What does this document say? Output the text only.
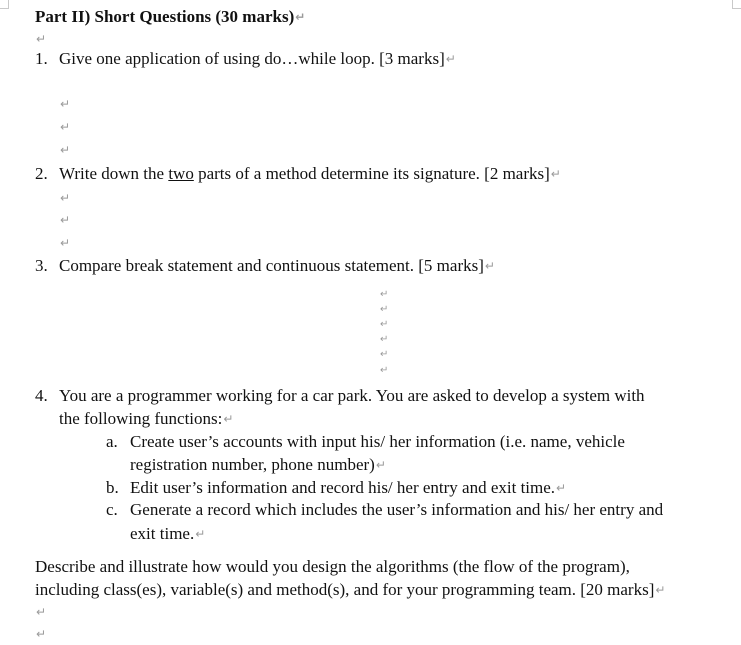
Part II) Short Questions (30 marks)↵
↵
1. Give one application of using do…while loop. [3 marks]↵
↵
↵
↵
2. Write down the two parts of a method determine its signature. [2 marks]↵
↵
↵
↵
3. Compare break statement and continuous statement. [5 marks]↵
↵
↵
↵
↵
↵
↵
4. You are a programmer working for a car park. You are asked to develop a system with
the following functions:↵
a. Create user’s accounts with input his/ her information (i.e. name, vehicle
registration number, phone number)↵
b. Edit user’s information and record his/ her entry and exit time.↵
c. Generate a record which includes the user’s information and his/ her entry and
exit time.↵
Describe and illustrate how would you design the algorithms (the flow of the program),
including class(es), variable(s) and method(s), and for your programming team. [20 marks]↵
↵
↵
